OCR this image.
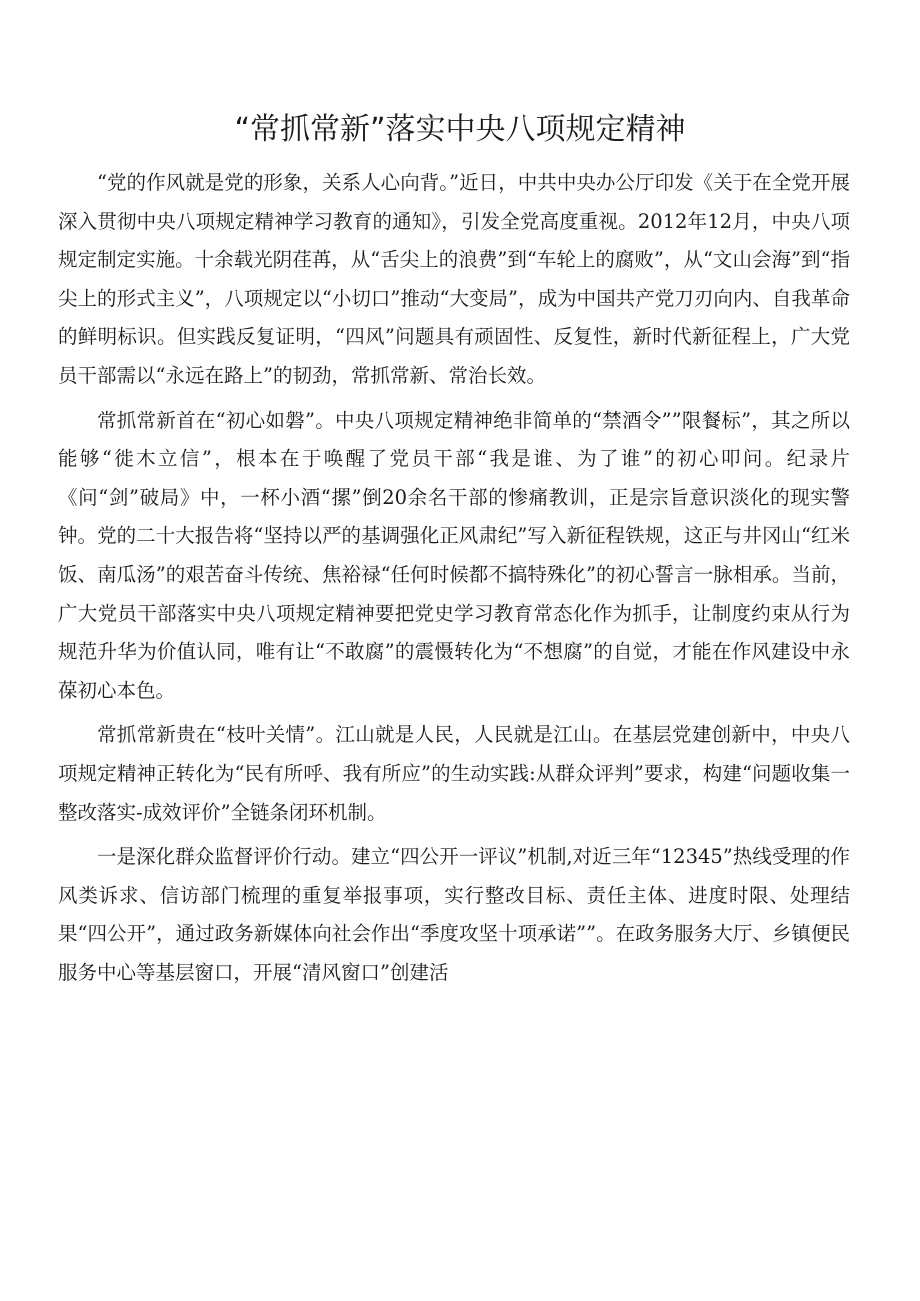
“常抓常新”落实中央八项规定精神

“党的作风就是党的形象，关系人心向背。”近日，中共中央办公厅印发《关于在全党开展深入贯彻中央八项规定精神学习教育的通知》，引发全党高度重视。2012年12月，中央八项规定制定实施。十余载光阴荏苒，从“舌尖上的浪费”到“车轮上的腐败”，从“文山会海”到“指尖上的形式主义”，八项规定以“小切口”推动“大变局”，成为中国共产党刀刃向内、自我革命的鲜明标识。但实践反复证明，“四风”问题具有顽固性、反复性，新时代新征程上，广大党员干部需以“永远在路上”的韧劲，常抓常新、常治长效。

常抓常新首在“初心如磐”。中央八项规定精神绝非简单的“禁酒令””限餐标”，其之所以能够“徙木立信”，根本在于唤醒了党员干部“我是谁、为了谁”的初心叩问。纪录片《问“剑”破局》中，一杯小酒“摞”倒20余名干部的惨痛教训，正是宗旨意识淡化的现实警钟。党的二十大报告将“坚持以严的基调强化正风肃纪”写入新征程铁规，这正与井冈山“红米饭、南瓜汤”的艰苦奋斗传统、焦裕禄“任何时候都不搞特殊化”的初心誓言一脉相承。当前，广大党员干部落实中央八项规定精神要把党史学习教育常态化作为抓手，让制度约束从行为规范升华为价值认同，唯有让“不敢腐”的震慑转化为“不想腐”的自觉，才能在作风建设中永葆初心本色。

常抓常新贵在“枝叶关情”。江山就是人民，人民就是江山。在基层党建创新中，中央八项规定精神正转化为“民有所呼、我有所应”的生动实践:从群众评判”要求，构建“问题收集一整改落实-成效评价”全链条闭环机制。

一是深化群众监督评价行动。建立“四公开一评议”机制,对近三年“12345”热线受理的作风类诉求、信访部门梳理的重复举报事项，实行整改目标、责任主体、进度时限、处理结果“四公开”，通过政务新媒体向社会作出“季度攻坚十项承诺””。在政务服务大厅、乡镇便民服务中心等基层窗口，开展“清风窗口”创建活
